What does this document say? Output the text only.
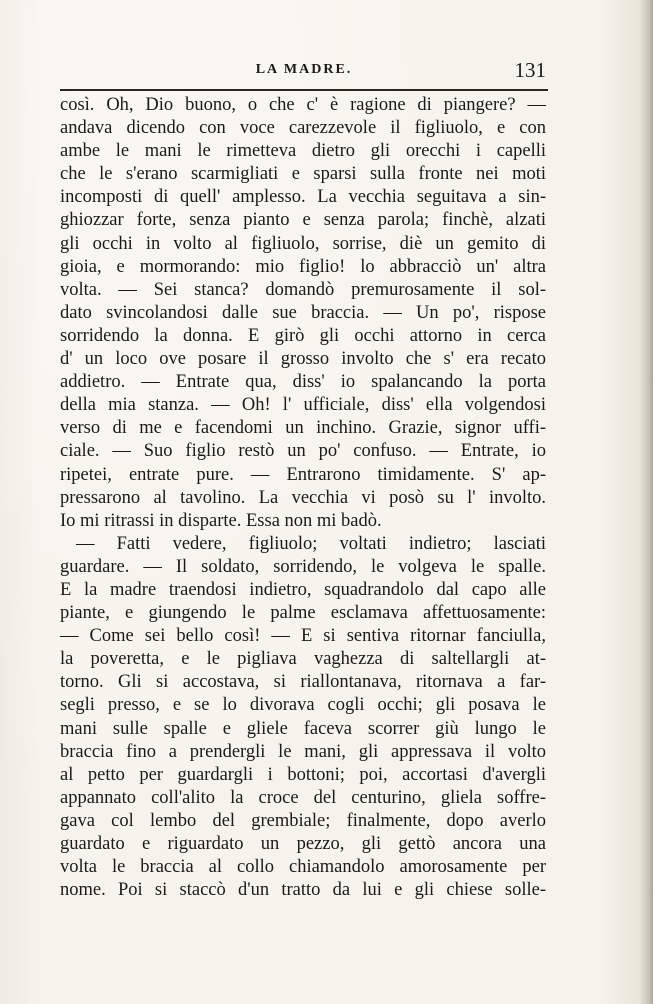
LA MADRE.	131
così. Oh, Dio buono, o che c' è ragione di piangere? —
andava dicendo con voce carezzevole il figliuolo, e con
ambe le mani le rimetteva dietro gli orecchi i capelli
che le s'erano scarmigliati e sparsi sulla fronte nei moti
incomposti di quell' amplesso. La vecchia seguitava a sin-
ghiozzar forte, senza pianto e senza parola; finchè, alzati
gli occhi in volto al figliuolo, sorrise, diè un gemito di
gioia, e mormorando: mio figlio! lo abbracciò un' altra
volta. — Sei stanca? domandò premurosamente il sol-
dato svincolandosi dalle sue braccia. — Un po', rispose
sorridendo la donna. E girò gli occhi attorno in cerca
d' un loco ove posare il grosso involto che s' era recato
addietro. — Entrate qua, diss' io spalancando la porta
della mia stanza. — Oh! l' ufficiale, diss' ella volgendosi
verso di me e facendomi un inchino. Grazie, signor uffi-
ciale. — Suo figlio restò un po' confuso. — Entrate, io
ripetei, entrate pure. — Entrarono timidamente. S' ap-
pressarono al tavolino. La vecchia vi posò su l' involto.
Io mi ritrassi in disparte. Essa non mi badò.
— Fatti vedere, figliuolo; voltati indietro; lasciati
guardare. — Il soldato, sorridendo, le volgeva le spalle.
E la madre traendosi indietro, squadrandolo dal capo alle
piante, e giungendo le palme esclamava affettuosamente:
— Come sei bello così! — E si sentiva ritornar fanciulla,
la poveretta, e le pigliava vaghezza di saltellargli at-
torno. Gli si accostava, si riallontanava, ritornava a far-
segli presso, e se lo divorava cogli occhi; gli posava le
mani sulle spalle e gliele faceva scorrer giù lungo le
braccia fino a prendergli le mani, gli appressava il volto
al petto per guardargli i bottoni; poi, accortasi d'avergli
appannato coll'alito la croce del centurino, gliela soffre-
gava col lembo del grembiale; finalmente, dopo averlo
guardato e riguardato un pezzo, gli gettò ancora una
volta le braccia al collo chiamandolo amorosamente per
nome. Poi si staccò d'un tratto da lui e gli chiese solle-
